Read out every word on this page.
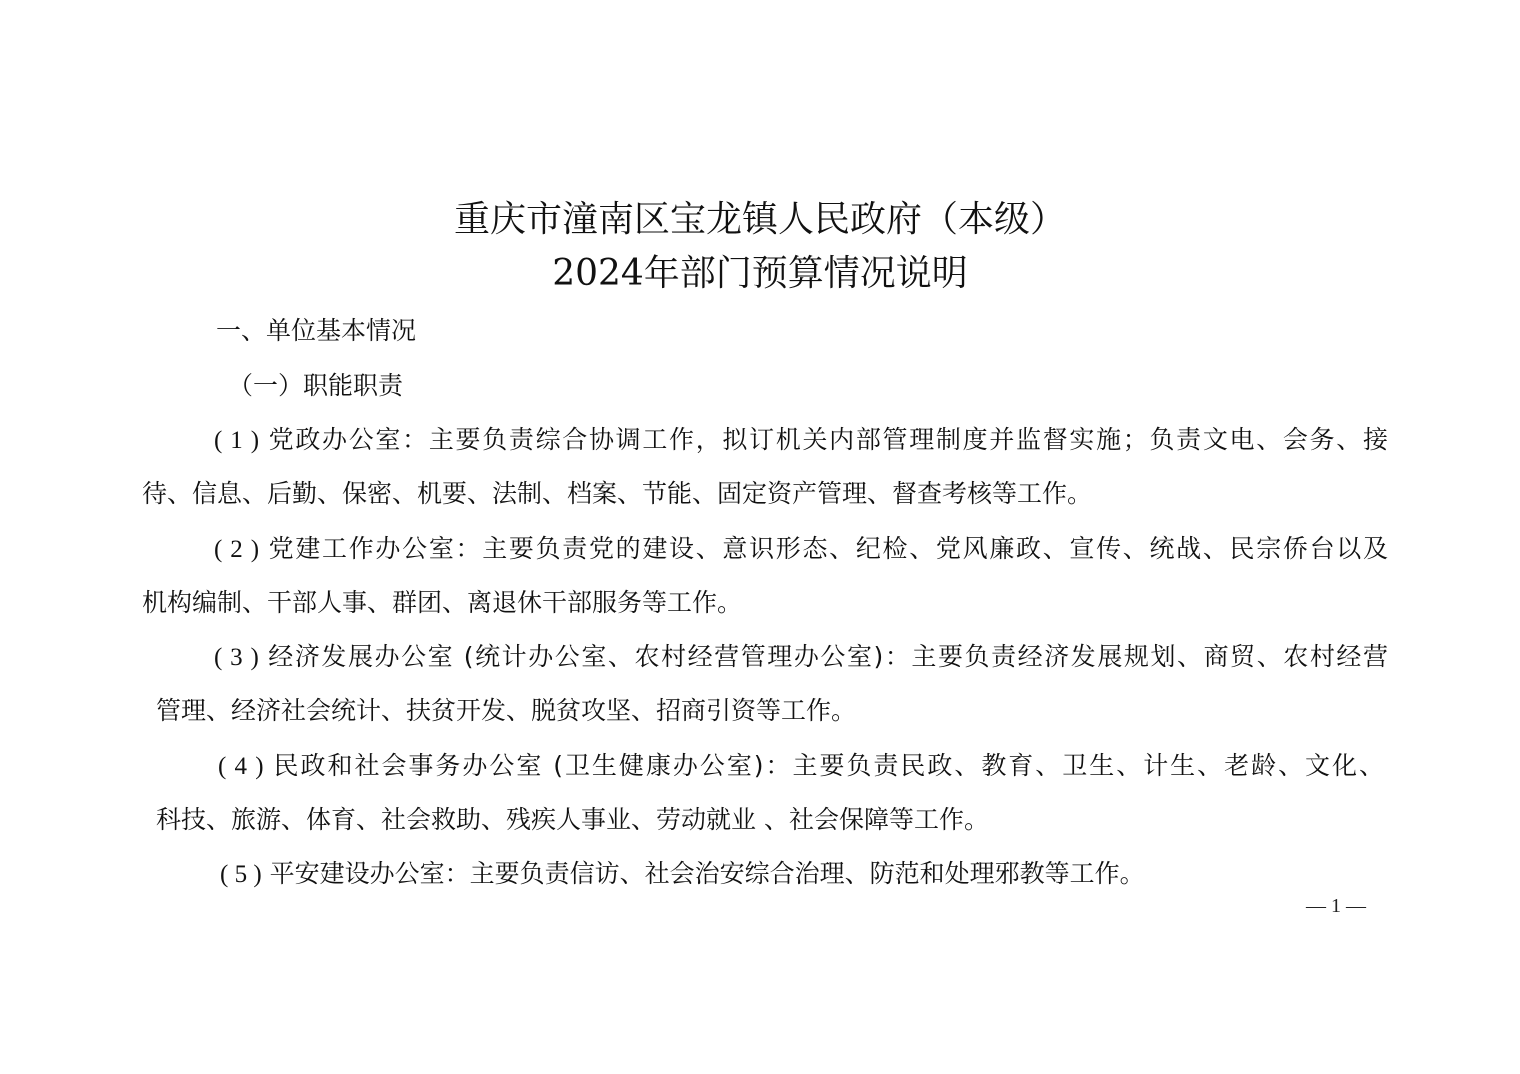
重庆市潼南区宝龙镇人民政府（本级）
2024年部门预算情况说明
一、单位基本情况
（一）职能职责
( 1 ) 党政办公室：主要负责综合协调工作，拟订机关内部管理制度并监督实施；负责文电、会务、接
待、信息、后勤、保密、机要、法制、档案、节能、固定资产管理、督查考核等工作。
( 2 ) 党建工作办公室：主要负责党的建设、意识形态、纪检、党风廉政、宣传、统战、民宗侨台以及
机构编制、干部人事、群团、离退休干部服务等工作。
( 3 ) 经济发展办公室 (统计办公室、农村经营管理办公室)：主要负责经济发展规划、商贸、农村经营
管理、经济社会统计、扶贫开发、脱贫攻坚、招商引资等工作。
( 4 ) 民政和社会事务办公室 (卫生健康办公室)：主要负责民政、教育、卫生、计生、老龄、文化、
科技、旅游、体育、社会救助、残疾人事业、劳动就业 、社会保障等工作。
( 5 ) 平安建设办公室：主要负责信访、社会治安综合治理、防范和处理邪教等工作。
— 1 —
